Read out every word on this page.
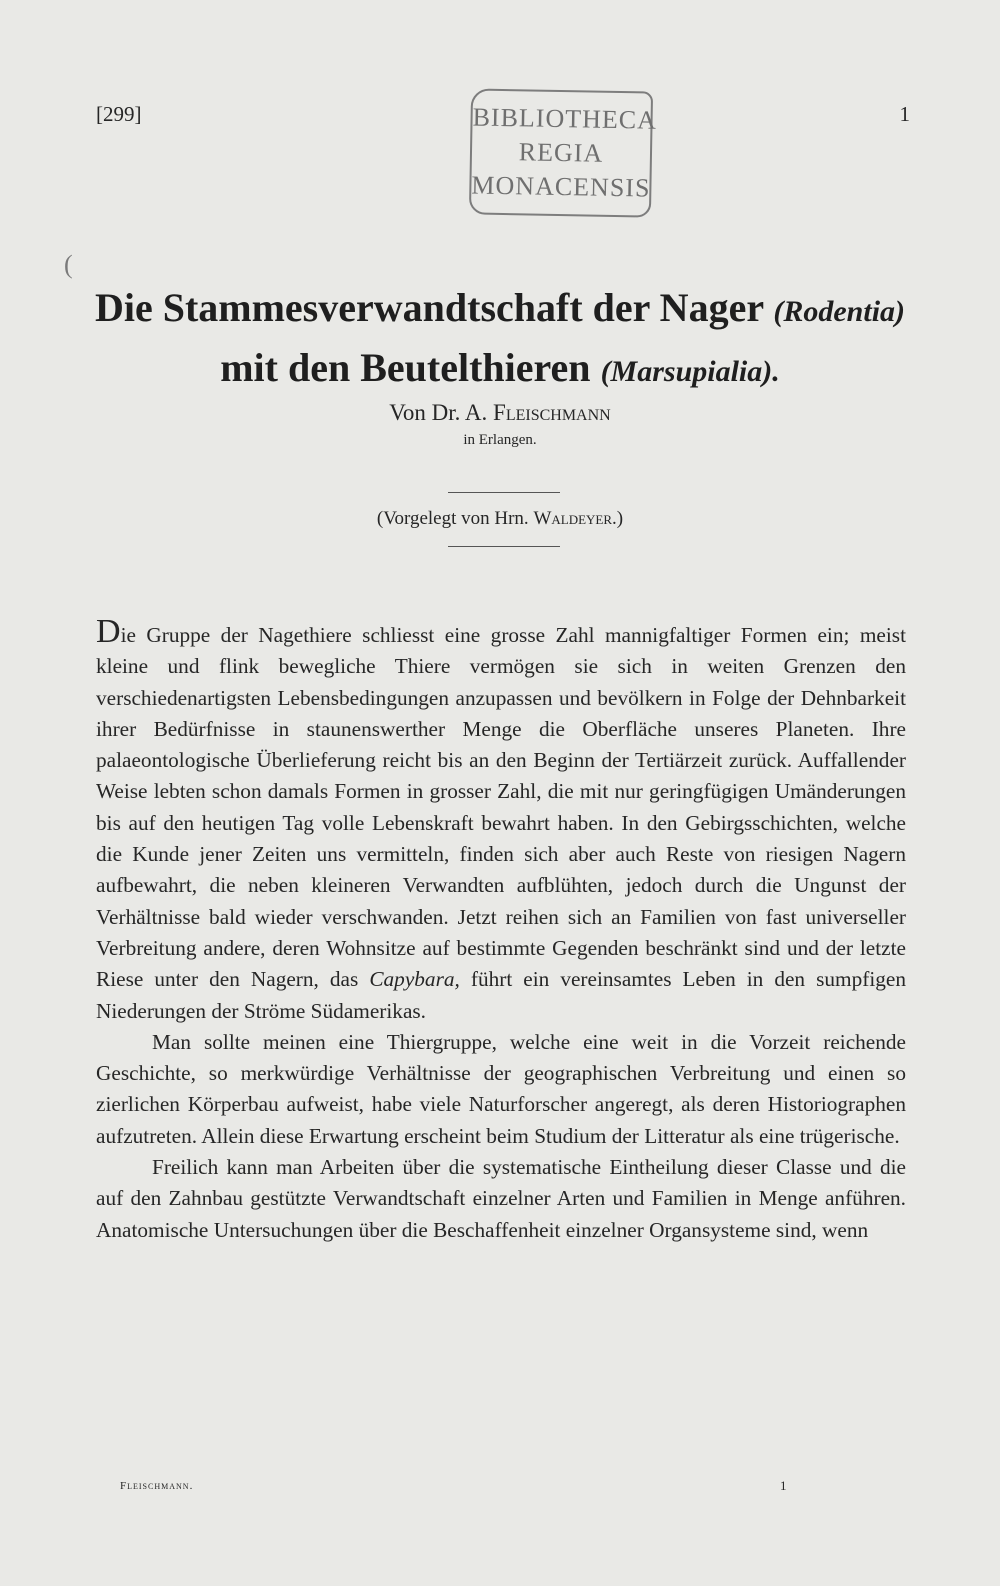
[299]	1
BIBLIOTHECA
REGIA
MONACENSIS
(
Die Stammesverwandtschaft der Nager (Rodentia)
mit den Beutelthieren (Marsupialia).
Von Dr. A. Fleischmann
in Erlangen.
(Vorgelegt von Hrn. Waldeyer.)

Die Gruppe der Nagethiere schliesst eine grosse Zahl mannigfaltiger Formen ein; meist kleine und flink bewegliche Thiere vermögen sie sich in weiten Grenzen den verschiedenartigsten Lebensbedingungen anzupassen und bevölkern in Folge der Dehnbarkeit ihrer Bedürfnisse in staunenswerther Menge die Oberfläche unseres Planeten. Ihre palaeontologische Überlieferung reicht bis an den Beginn der Tertiärzeit zurück. Auffallender Weise lebten schon damals Formen in grosser Zahl, die mit nur geringfügigen Umänderungen bis auf den heutigen Tag volle Lebenskraft bewahrt haben. In den Gebirgsschichten, welche die Kunde jener Zeiten uns vermitteln, finden sich aber auch Reste von riesigen Nagern aufbewahrt, die neben kleineren Verwandten aufblühten, jedoch durch die Ungunst der Verhältnisse bald wieder verschwanden. Jetzt reihen sich an Familien von fast universeller Verbreitung andere, deren Wohnsitze auf bestimmte Gegenden beschränkt sind und der letzte Riese unter den Nagern, das Capybara, führt ein vereinsamtes Leben in den sumpfigen Niederungen der Ströme Südamerikas.

Man sollte meinen eine Thiergruppe, welche eine weit in die Vorzeit reichende Geschichte, so merkwürdige Verhältnisse der geographischen Verbreitung und einen so zierlichen Körperbau aufweist, habe viele Naturforscher angeregt, als deren Historiographen aufzutreten. Allein diese Erwartung erscheint beim Studium der Litteratur als eine trügerische.

Freilich kann man Arbeiten über die systematische Eintheilung dieser Classe und die auf den Zahnbau gestützte Verwandtschaft einzelner Arten und Familien in Menge anführen. Anatomische Untersuchungen über die Beschaffenheit einzelner Organsysteme sind, wenn

Fleischmann.	1
